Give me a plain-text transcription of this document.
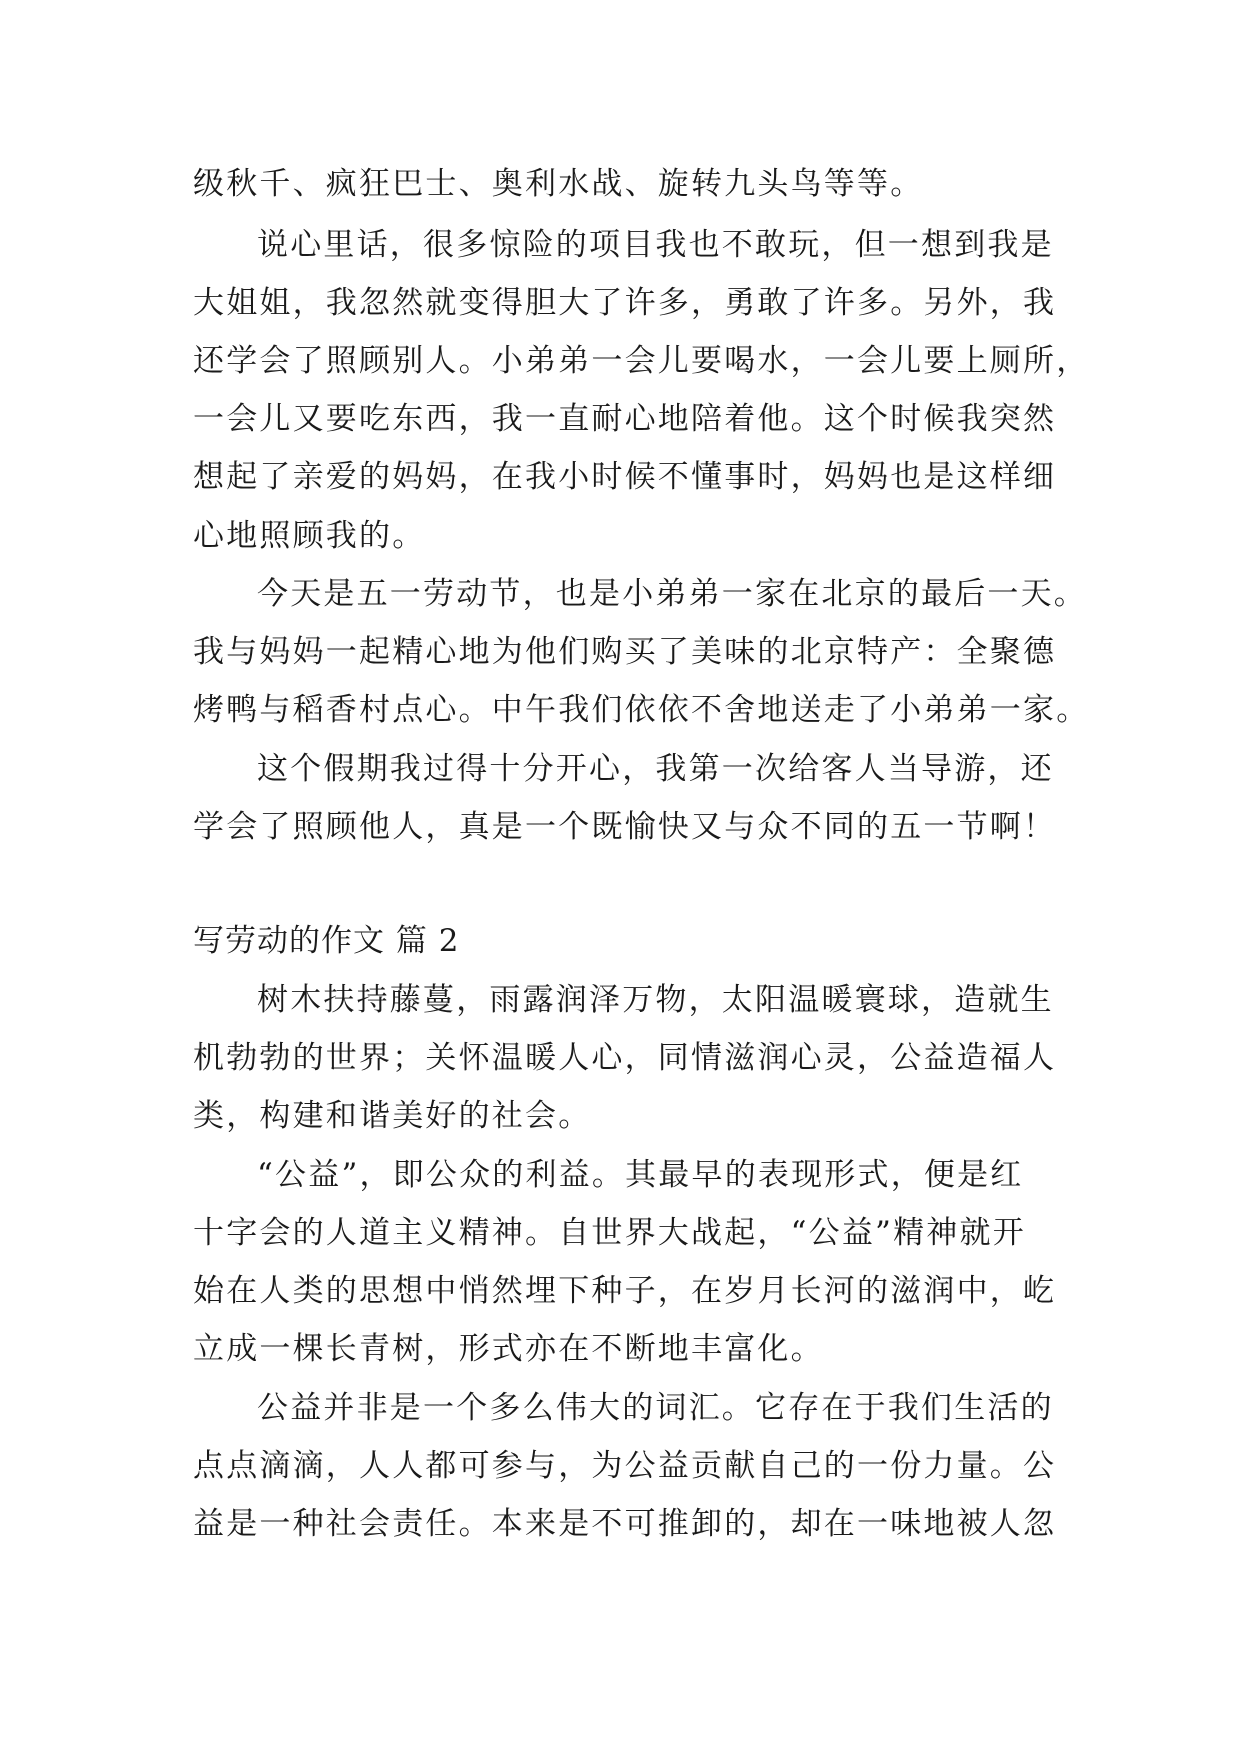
级秋千、疯狂巴士、奥利水战、旋转九头鸟等等。
说心里话，很多惊险的项目我也不敢玩，但一想到我是
大姐姐，我忽然就变得胆大了许多，勇敢了许多。另外，我
还学会了照顾别人。小弟弟一会儿要喝水，一会儿要上厕所，
一会儿又要吃东西，我一直耐心地陪着他。这个时候我突然
想起了亲爱的妈妈，在我小时候不懂事时，妈妈也是这样细
心地照顾我的。
今天是五一劳动节，也是小弟弟一家在北京的最后一天。
我与妈妈一起精心地为他们购买了美味的北京特产：全聚德
烤鸭与稻香村点心。中午我们依依不舍地送走了小弟弟一家。
这个假期我过得十分开心，我第一次给客人当导游，还
学会了照顾他人，真是一个既愉快又与众不同的五一节啊！
写劳动的作文 篇 2
树木扶持藤蔓，雨露润泽万物，太阳温暖寰球，造就生
机勃勃的世界；关怀温暖人心，同情滋润心灵，公益造福人
类，构建和谐美好的社会。
“公益”，即公众的利益。其最早的表现形式，便是红
十字会的人道主义精神。自世界大战起，“公益”精神就开
始在人类的思想中悄然埋下种子，在岁月长河的滋润中，屹
立成一棵长青树，形式亦在不断地丰富化。
公益并非是一个多么伟大的词汇。它存在于我们生活的
点点滴滴，人人都可参与，为公益贡献自己的一份力量。公
益是一种社会责任。本来是不可推卸的，却在一味地被人忽
